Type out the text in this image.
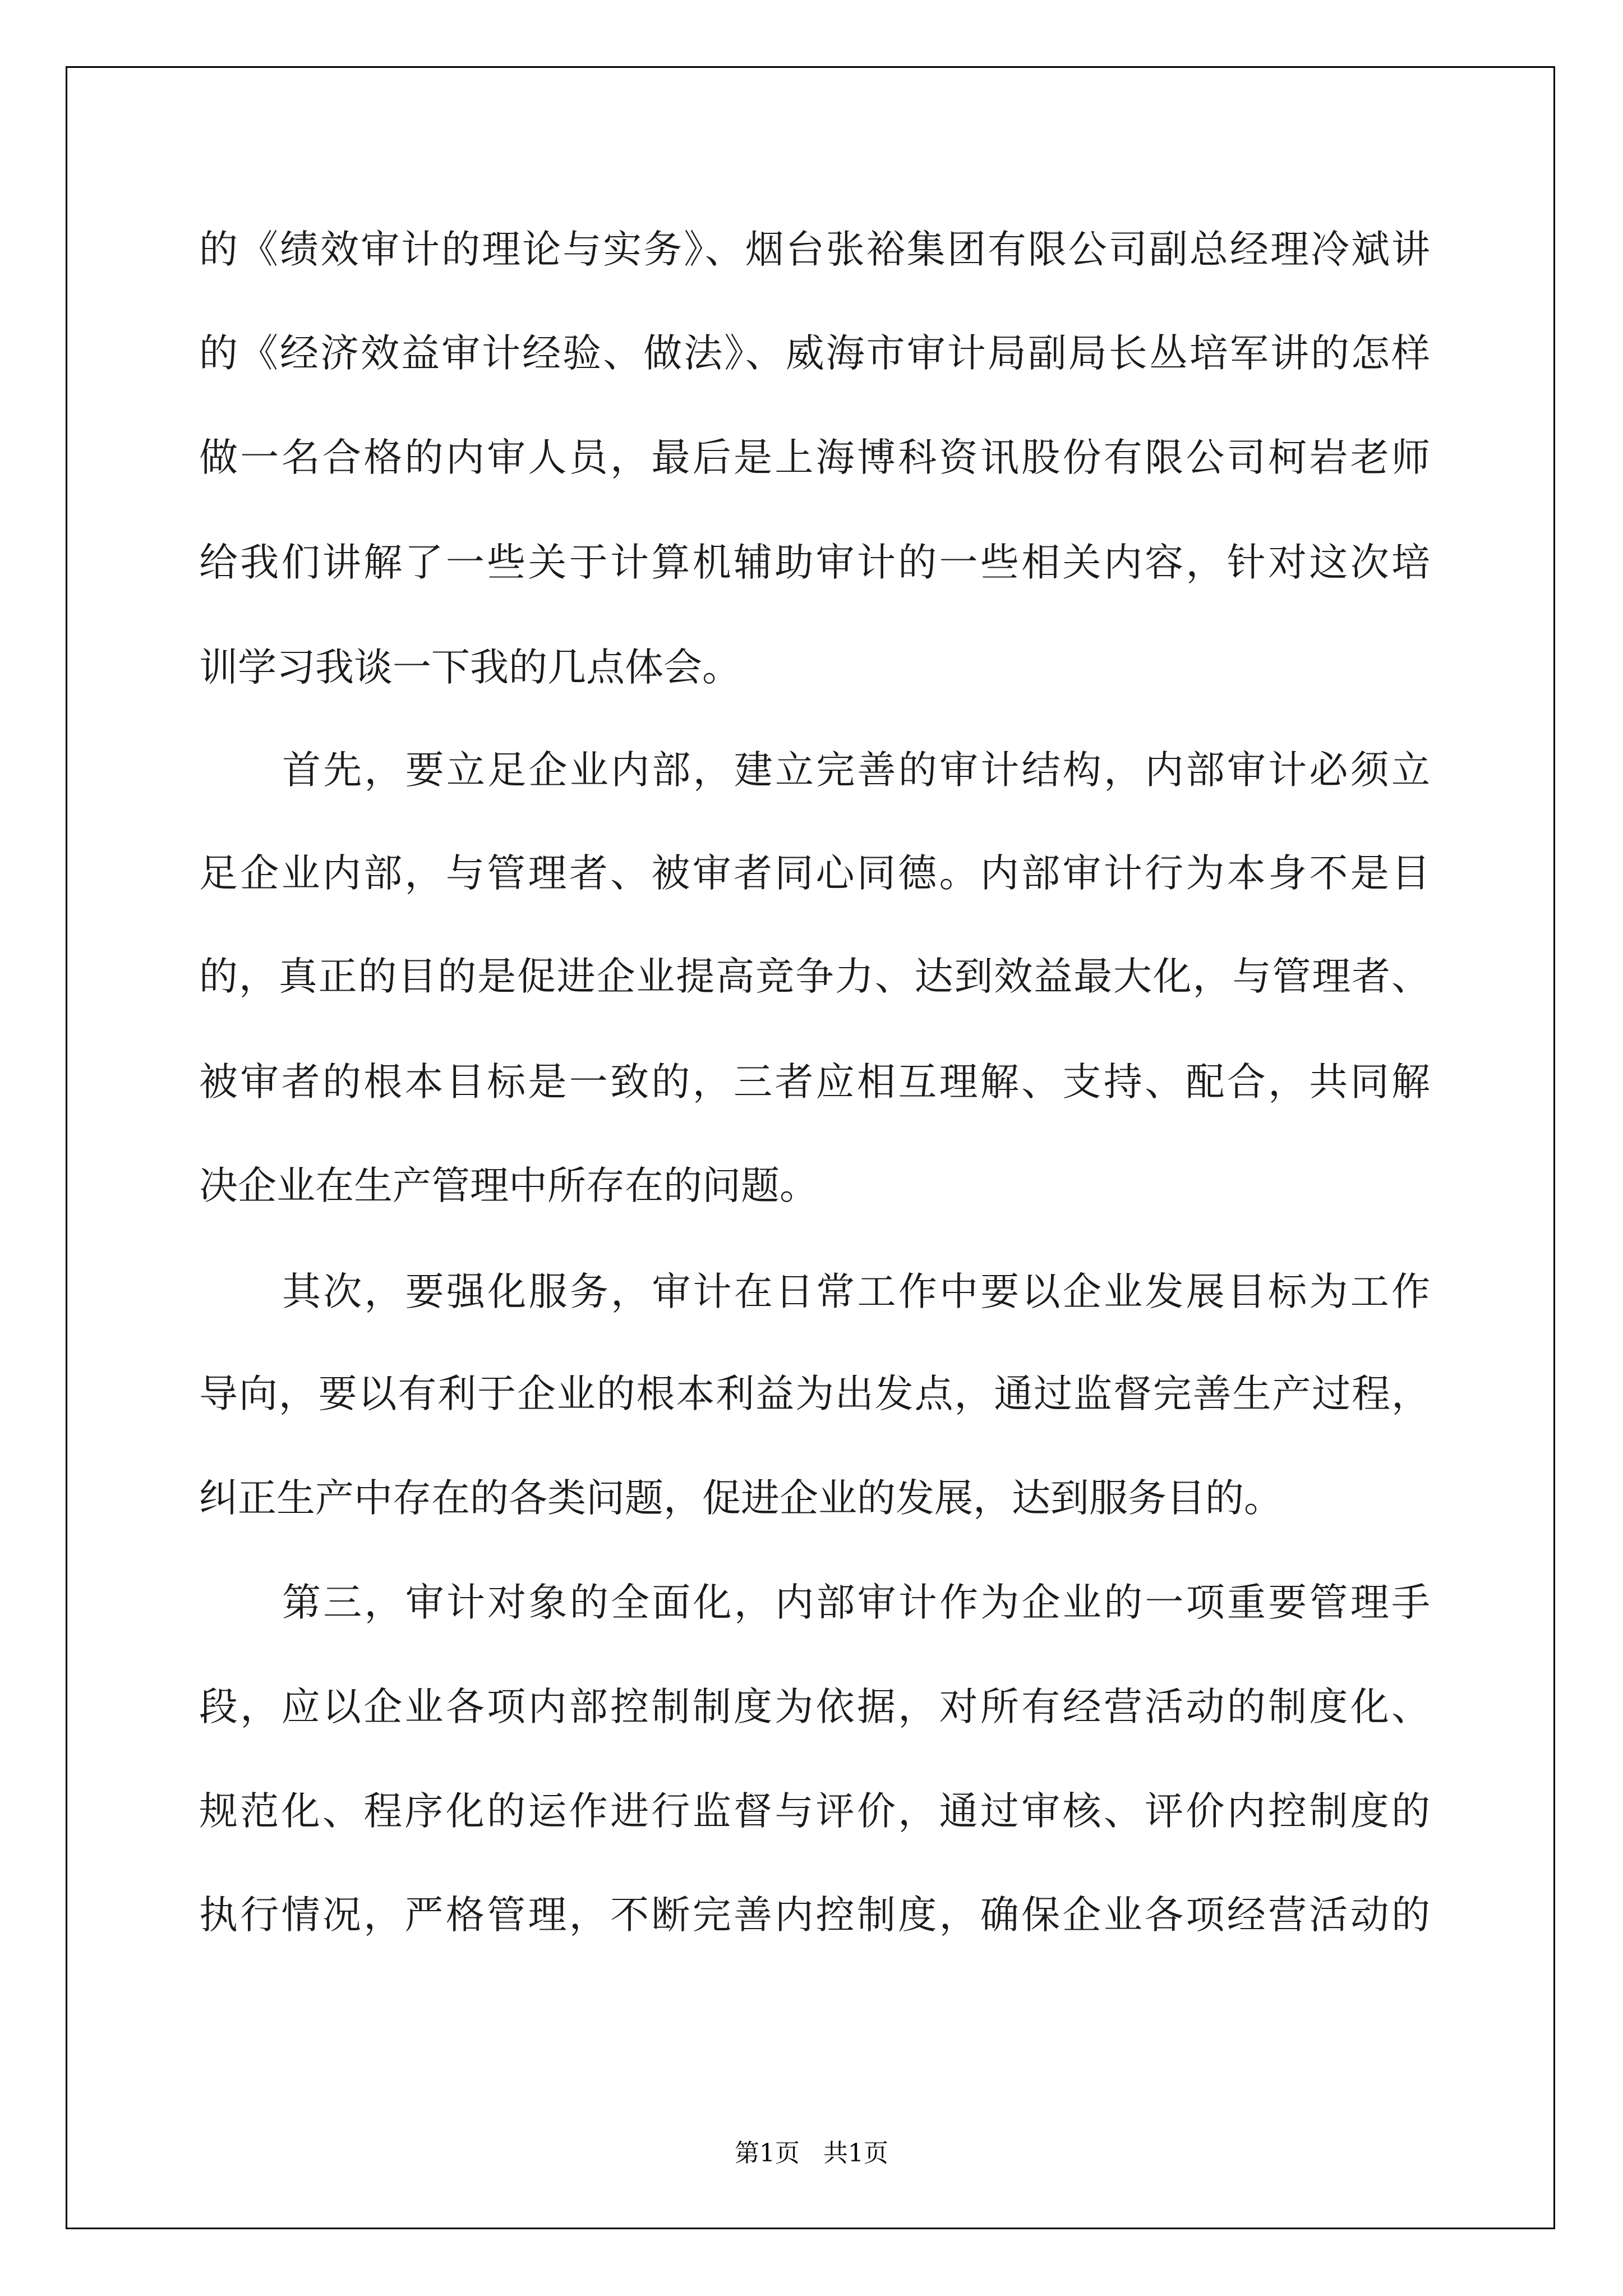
的《绩效审计的理论与实务》、烟台张裕集团有限公司副总经理冷斌讲

的《经济效益审计经验、做法》、威海市审计局副局长丛培军讲的怎样

做一名合格的内审人员，最后是上海博科资讯股份有限公司柯岩老师

给我们讲解了一些关于计算机辅助审计的一些相关内容，针对这次培

训学习我谈一下我的几点体会。

首先，要立足企业内部，建立完善的审计结构，内部审计必须立

足企业内部，与管理者、被审者同心同德。内部审计行为本身不是目

的，真正的目的是促进企业提高竞争力、达到效益最大化，与管理者、

被审者的根本目标是一致的，三者应相互理解、支持、配合，共同解

决企业在生产管理中所存在的问题。

其次，要强化服务，审计在日常工作中要以企业发展目标为工作

导向，要以有利于企业的根本利益为出发点，通过监督完善生产过程，

纠正生产中存在的各类问题，促进企业的发展，达到服务目的。

第三，审计对象的全面化，内部审计作为企业的一项重要管理手

段，应以企业各项内部控制制度为依据，对所有经营活动的制度化、

规范化、程序化的运作进行监督与评价，通过审核、评价内控制度的

执行情况，严格管理，不断完善内控制度，确保企业各项经营活动的

第1页   共1页
